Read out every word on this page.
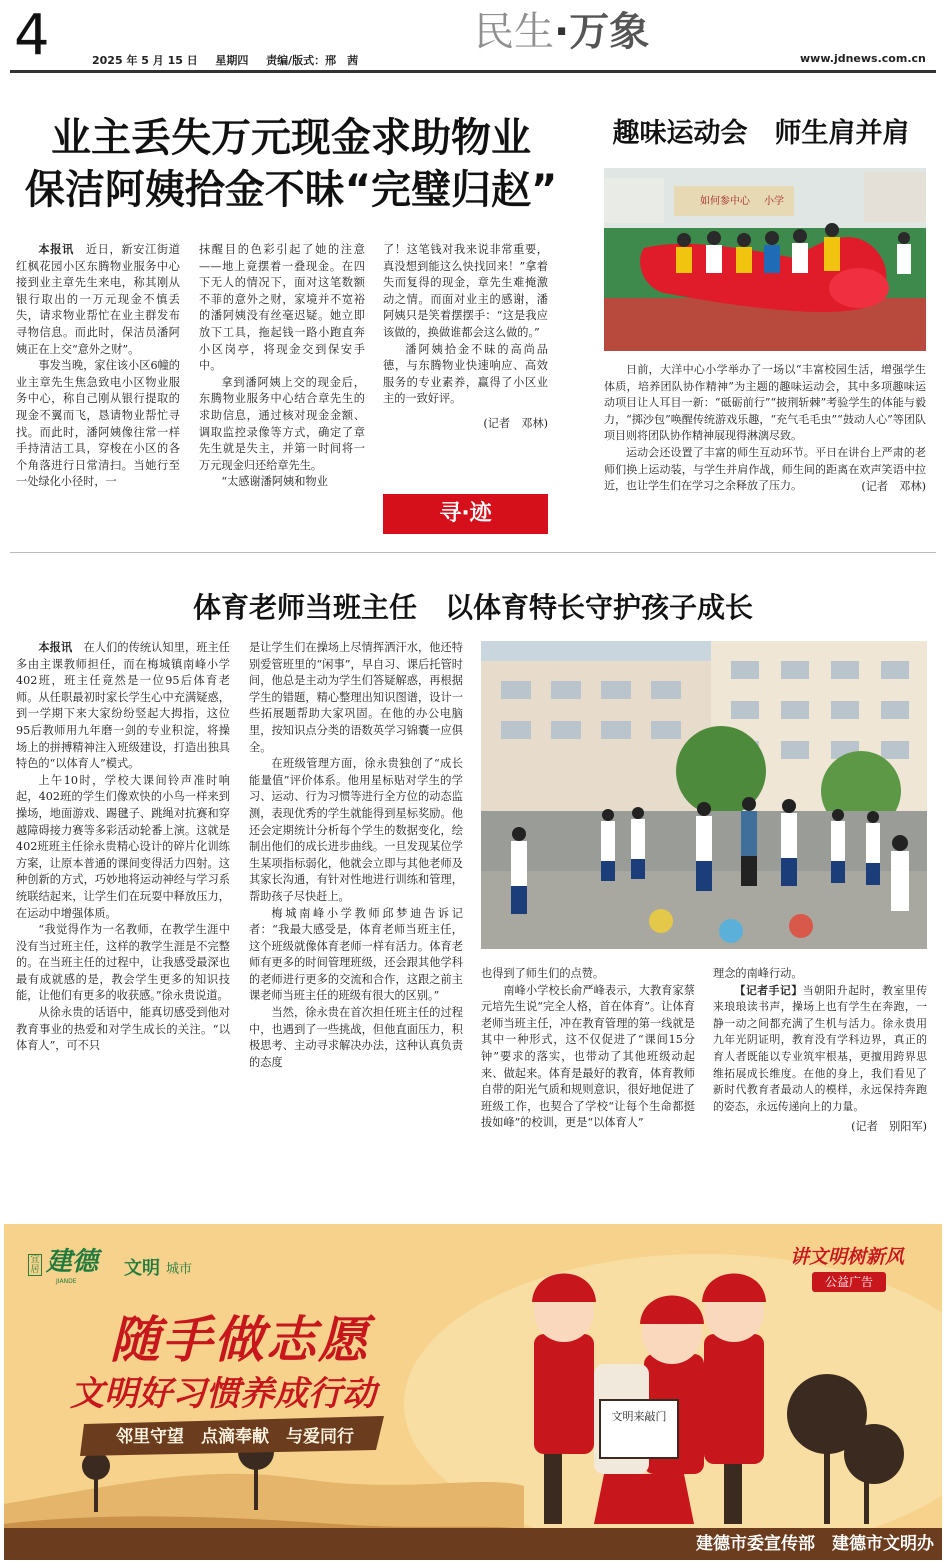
4	2025 年 5 月 15 日 星期四 责编/版式：邢　茜
民生·万象
www.jdnews.com.cn
业主丢失万元现金求助物业
保洁阿姨拾金不昧“完璧归赵”

本报讯　 近日，新安江街道红枫花园小区东腾物业服务中心接到业主章先生来电，称其刚从银行取出的一万元现金不慎丢失，请求物业帮忙在业主群发布寻物信息。而此时，保洁员潘阿姨正在上交“意外之财”。

事发当晚，家住该小区6幢的业主章先生焦急致电小区物业服务中心，称自己刚从银行提取的现金不翼而飞，恳请物业帮忙寻找。而此时，潘阿姨像往常一样手持清洁工具，穿梭在小区的各个角落进行日常清扫。当她行至一处绿化小径时，一

抹醒目的色彩引起了她的注意——地上竟摆着一叠现金。在四下无人的情况下，面对这笔数额不菲的意外之财，家境并不宽裕的潘阿姨没有丝毫迟疑。她立即放下工具，拖起钱一路小跑直奔小区岗亭，将现金交到保安手中。

拿到潘阿姨上交的现金后，东腾物业服务中心结合章先生的求助信息，通过核对现金金额、调取监控录像等方式，确定了章先生就是失主，并第一时间将一万元现金归还给章先生。

“太感谢潘阿姨和物业

了！这笔钱对我来说非常重要，真没想到能这么快找回来！”拿着失而复得的现金，章先生难掩激动之情。而面对业主的感谢，潘阿姨只是笑着摆摆手：“这是我应该做的，换做谁都会这么做的。”

潘阿姨拾金不昧的高尚品德，与东腾物业快速响应、高效服务的专业素养，赢得了小区业主的一致好评。

(记者　邓林)
寻·迹
趣味运动会　师生肩并肩
如何参中心 小学

日前，大洋中心小学举办了一场以“丰富校园生活，增强学生体质，培养团队协作精神”为主题的趣味运动会，其中多项趣味运动项目让人耳目一新：“砥砺前行”“披荆斩棘”考验学生的体能与毅力，“掷沙包”唤醒传统游戏乐趣，“充气毛毛虫”“鼓动人心”等团队项目则将团队协作精神展现得淋漓尽致。

运动会还设置了丰富的师生互动环节。平日在讲台上严肃的老师们换上运动装，与学生并肩作战，师生间的距离在欢声笑语中拉近，也让学生们在学习之余释放了压力。	(记者　邓林)
体育老师当班主任　以体育特长守护孩子成长

本报讯　 在人们的传统认知里，班主任多由主课教师担任，而在梅城镇南峰小学402班，班主任竟然是一位95后体育老师。从任职最初时家长学生心中充满疑惑，到一学期下来大家纷纷竖起大拇指，这位95后教师用九年磨一剑的专业积淀，将操场上的拼搏精神注入班级建设，打造出独具特色的“以体育人”模式。

上午10时，学校大课间铃声准时响起，402班的学生们像欢快的小鸟一样来到操场，地面游戏、踢毽子、跳绳对抗赛和穿越障碍接力赛等多彩活动轮番上演。这就是402班班主任徐永贵精心设计的碎片化训练方案，让原本普通的课间变得活力四射。这种创新的方式，巧妙地将运动神经与学习系统联结起来，让学生们在玩耍中释放压力，在运动中增强体质。

“我觉得作为一名教师，在教学生涯中没有当过班主任，这样的教学生涯是不完整的。在当班主任的过程中，让我感受最深也最有成就感的是，教会学生更多的知识技能，让他们有更多的收获感。”徐永贵说道。

从徐永贵的话语中，能真切感受到他对教育事业的热爱和对学生成长的关注。“以体育人”，可不只

是让学生们在操场上尽情挥洒汗水，他还特别爱管班里的“闲事”，早自习、课后托管时间，他总是主动为学生们答疑解惑，再根据学生的错题，精心整理出知识图谱，设计一些拓展题帮助大家巩固。在他的办公电脑里，按知识点分类的语数英学习锦囊一应俱全。

在班级管理方面，徐永贵独创了“成长能量值”评价体系。他用星标贴对学生的学习、运动、行为习惯等进行全方位的动态监测，表现优秀的学生就能得到星标奖励。他还会定期统计分析每个学生的数据变化，绘制出他们的成长进步曲线。一旦发现某位学生某项指标弱化，他就会立即与其他老师及其家长沟通，有针对性地进行训练和管理，帮助孩子尽快赶上。

梅城南峰小学教师邱梦迪告诉记者：“我最大感受是，体育老师当班主任，这个班级就像体育老师一样有活力。体育老师有更多的时间管理班级，还会跟其他学科的老师进行更多的交流和合作，这跟之前主课老师当班主任的班级有很大的区别。”

当然，徐永贵在首次担任班主任的过程中，也遇到了一些挑战，但他直面压力，积极思考、主动寻求解决办法，这种认真负责的态度

也得到了师生们的点赞。

南峰小学校长俞严峰表示，大教育家蔡元培先生说“完全人格，首在体育”。让体育老师当班主任，冲在教育管理的第一线就是其中一种形式，这不仅促进了“课间15分钟”要求的落实，也带动了其他班级动起来、做起来。体育是最好的教育，体育教师自带的阳光气质和规则意识，很好地促进了班级工作，也契合了学校“让每个生命都挺拔如峰”的校训，更是“以体育人”

理念的南峰行动。

【记者手记】当朝阳升起时，教室里传来琅琅读书声，操场上也有学生在奔跑，一静一动之间都充满了生机与活力。徐永贵用九年光阴证明，教育没有学科边界，真正的育人者既能以专业筑牢根基，更擅用跨界思维拓展成长维度。在他的身上，我们看见了新时代教育者最动人的模样，永远保持奔跑的姿态，永远传递向上的力量。

(记者　别阳军)
宜居 建德
JIANDE
文明 城市
随手做志愿
文明好习惯养成行动
邻里守望　点滴奉献　与爱同行
讲文明树新风
公益广告
文明来敲门
建德市委宣传部　建德市文明办
